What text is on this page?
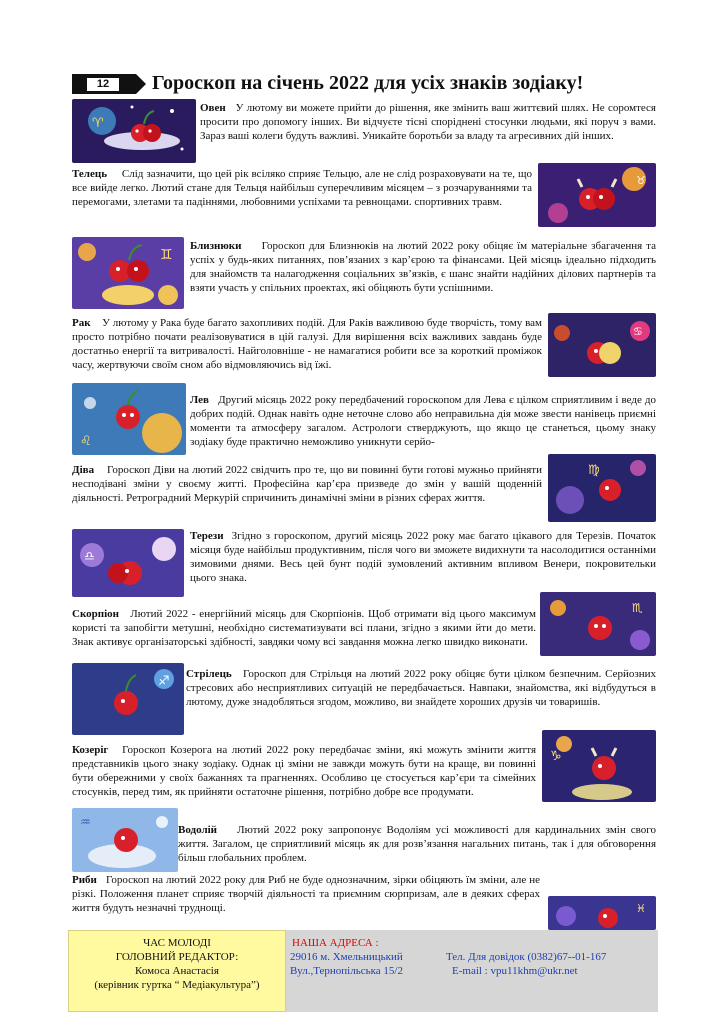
12	Гороскоп на січень 2022 для усіх знаків зодіаку!
♈
Овен У лютому ви можете прийти до рішення, яке змінить ваш життєвий шлях. Не соромтеся просити про допомогу інших. Ви відчуєте тісні споріднені стосунки людьми, які поруч з вами. Зараз ваші колеги будуть важливі. Уникайте боротьби за владу та агресивних дій інших.
Телець Слід зазначити, що цей рік всіляко сприяє Тельцю, але не слід розраховувати на те, що все вийде легко. Лютий стане для Тельця найбільш суперечливим місяцем – з розчаруваннями та перемогами, злетами та падіннями, любовними успіхами та ревнощами. спортивних травм.
♉
♊
Близнюки Гороскоп для Близнюків на лютий 2022 року обіцяє їм матеріальне збагачення та успіх у будь-яких питаннях, пов’язаних з кар’єрою та фінансами. Цей місяць ідеально підходить для знайомств та налагодження соціальних зв’язків, є шанс знайти надійних ділових партнерів та взяти участь у спільних проектах, які обіцяють бути успішними.
Рак У лютому у Рака буде багато захопливих подій. Для Раків важливою буде творчість, тому вам просто потрібно почати реалізовуватися в цій галузі. Для вирішення всіх важливих завдань буде достатньо енергії та витривалості. Найголовніше - не намагатися робити все за короткий проміжок часу, жертвуючи своїм сном або відмовляючись від їжі.
♋
♌
Лев Другий місяць 2022 року передбачений гороскопом для Лева є цілком сприятливим і веде до добрих подій. Однак навіть одне неточне слово або неправильна дія може звести нанівець приємні моменти та атмосферу загалом. Астрологи стверджують, що якщо це станеться, цьому знаку зодіаку буде практично неможливо уникнути серйо-
Діва Гороскоп Діви на лютий 2022 свідчить про те, що ви повинні бути готові мужньо прийняти несподівані зміни у своєму житті. Професійна кар’єра призведе до змін у вашій щоденній діяльності. Ретроградний Меркурій спричинить динамічні зміни в різних сферах життя.
♍
♎
Терези Згідно з гороскопом, другий місяць 2022 року має багато цікавого для Терезів. Початок місяця буде найбільш продуктивним, після чого ви зможете видихнути та насолодитися останніми зимовими днями. Весь цей бунт подій зумовлений активним впливом Венери, покровительки цього знака.
Скорпіон Лютий 2022 - енергійний місяць для Скорпіонів. Щоб отримати від цього максимум користі та запобігти метушні, необхідно систематизувати всі плани, згідно з якими йти до мети. Знак активує організаторські здібності, завдяки чому всі завдання можна легко швидко виконати.
♏
♐ Стрілець Гороскоп для Стрільця на лютий 2022 року обіцяє бути цілком безпечним. Серйозних стресових або несприятливих ситуацій не передбачається. Навпаки, знайомства, які відбудуться в лютому, дуже знадобляться згодом, можливо, ви знайдете хороших друзів чи товаришів.
Козеріг Гороскоп Козерога на лютий 2022 року передбачає зміни, які можуть змінити життя представників цього знаку зодіаку. Однак ці зміни не завжди можуть бути на краще, ви повинні бути обережними у своїх бажаннях та прагненнях. Особливо це стосується кар’єри та сімейних стосунків, перед тим, як прийняти остаточне рішення, потрібно добре все продумати.
♑
♒
Водолій Лютий 2022 року запропонує Водоліям усі можливості для кардинальних змін свого життя. Загалом, це сприятливий місяць як для розв’язання нагальних питань, так і для обговорення більш глобальних проблем.
Риби Гороскоп на лютий 2022 року для Риб не буде однозначним, зірки обіцяють їм зміни, але не різкі. Положення планет сприяє творчій діяльності та приємним сюрпризам, але в деяких сферах життя будуть незначні труднощі.	♓
ЧАС МОЛОДІ
ГОЛОВНИЙ РЕДАКТОР:
Комоса Анастасія
(керівник гуртка “ Медіакультура”)
НАША АДРЕСА :
29016 м. Хмельницький
Вул.,Тернопільська 15/2
Тел. Для довідок (0382)67--01-167
E-mail : vpu11khm@ukr.net
